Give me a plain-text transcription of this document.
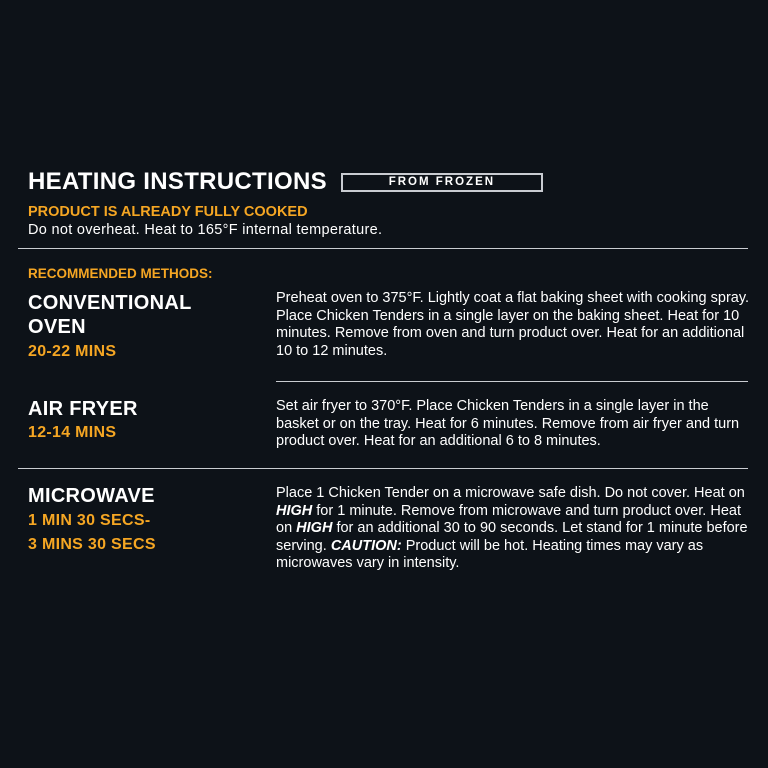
HEATING INSTRUCTIONS	FROM FROZEN
PRODUCT IS ALREADY FULLY COOKED
Do not overheat. Heat to 165°F internal temperature.
RECOMMENDED METHODS:
CONVENTIONAL
OVEN
20-22 MINS
Preheat oven to 375°F. Lightly coat a flat baking sheet with cooking spray. Place Chicken Tenders in a single layer on the baking sheet. Heat for 10 minutes. Remove from oven and turn product over. Heat for an additional 10 to 12 minutes.
AIR FRYER
12-14 MINS
Set air fryer to 370°F. Place Chicken Tenders in a single layer in the basket or on the tray. Heat for 6 minutes. Remove from air fryer and turn product over. Heat for an additional 6 to 8 minutes.
MICROWAVE
1 MIN 30 SECS-
3 MINS 30 SECS
Place 1 Chicken Tender on a microwave safe dish. Do not cover. Heat on HIGH for 1 minute. Remove from microwave and turn product over. Heat on HIGH for an additional 30 to 90 seconds. Let stand for 1 minute before serving. CAUTION: Product will be hot. Heating times may vary as microwaves vary in intensity.
